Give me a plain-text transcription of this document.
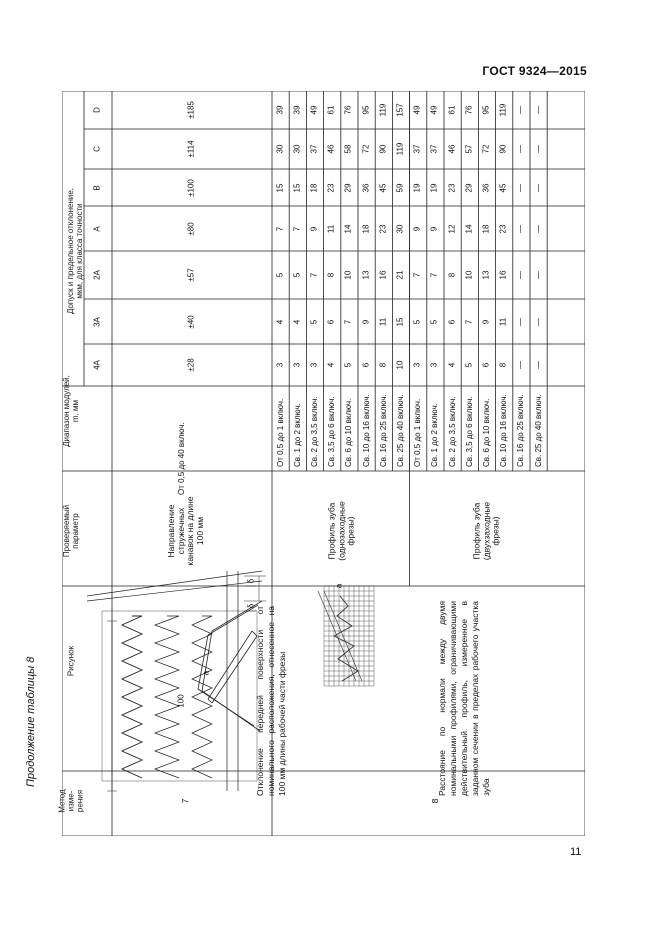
ГОСТ 9324—2015
Продолжение таблицы 8
11
Метод
изме-
рения
Рисунок
Проверяемый
параметр
Диапазон модулей,
m, мм
Допуск и предельное отклонение,
мкм, для класса точности
4A
3A
2A
A
B
C
D
7
Отклонение передней поверхности от номинального расположения, отнесенное на 100 мм длины рабочей части фрезы
100
δ
δ
Направление
стружечных
канавок на длине
100 мм
От 0,5 до 40 включ.
±28
±40
±57
±80
±100
±114
±185
8
Расстояние по нормали между двумя номинальными профилями, ограничивающими действительный профиль, измеренное в заданном сечении в пределах рабочего участка зуба
а
а
Профиль зуба
(однозаходные
фрезы)	Профиль зуба
(двухзаходные
фрезы)
От 0,5 до 1 включ.
3
4
5
7
15
30
39
Св. 1 до 2 включ.
3
4
5
7
15
30
39
Св. 2 до 3,5 включ.
3
5
7
9
18
37
49
Св. 3,5 до 6 включ.
4
6
8
11
23
46
61
Св. 6 до 10 включ.
5
7
10
14
29
58
76
Св. 10 до 16 включ.
6
9
13
18
36
72
95
Св. 16 до 25 включ.
8
11
16
23
45
90
119
Св. 25 до 40 включ.
10
15
21
30
59
119
157
От 0,5 до 1 включ.
3
5
7
9
19
37
49
Св. 1 до 2 включ.
3
5
7
9
19
37
49
Св. 2 до 3,5 включ.
4
6
8
12
23
46
61
Св. 3,5 до 6 включ.
5
7
10
14
29
57
76
Св. 6 до 10 включ.
6
9
13
18
36
72
95
Св. 10 до 16 включ.
8
11
16
23
45
90
119
Св. 16 до 25 включ.
—
—
—
—
—
—
—
Св. 25 до 40 включ.
—
—
—
—
—
—
—
